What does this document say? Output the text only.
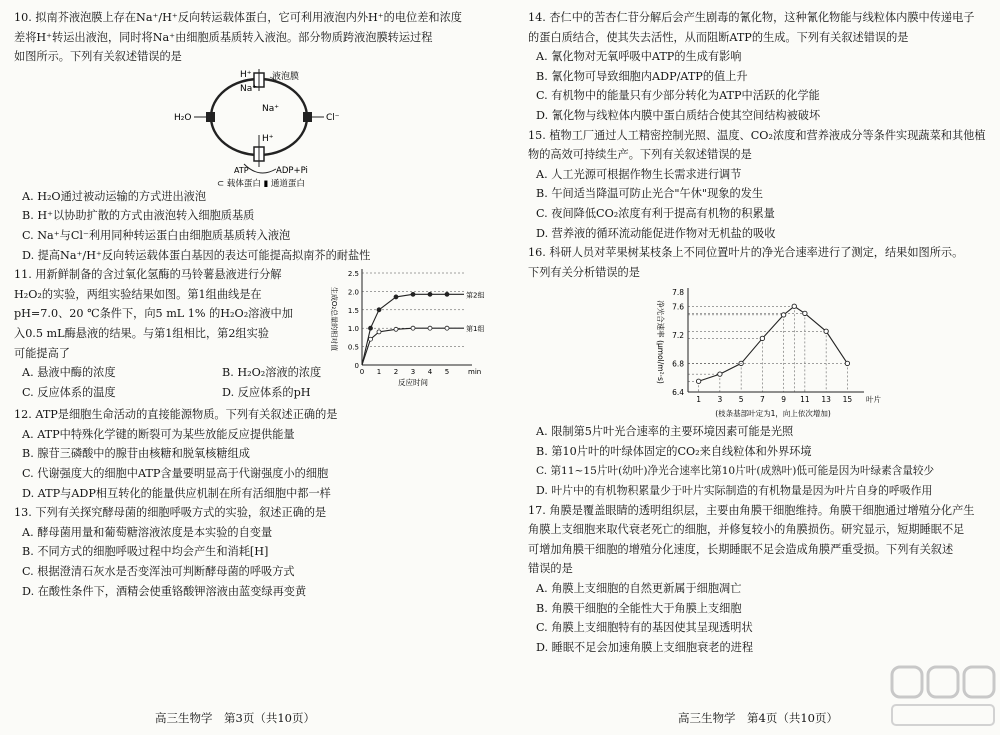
10. 拟南芥液泡膜上存在Na⁺/H⁺反向转运载体蛋白，它可利用液泡内外H⁺的电位差和浓度
差将H⁺转运出液泡，同时将Na⁺由细胞质基质转入液泡。部分物质跨液泡膜转运过程
如图所示。下列有关叙述错误的是
H⁺
Na⁺
液泡膜
Na⁺
H₂O	Cl⁻
H⁺
ATP	ADP+Pi
⊂ 载体蛋白 ▮ 通道蛋白
A. H₂O通过被动运输的方式进出液泡
B. H⁺以协助扩散的方式由液泡转入细胞质基质
C. Na⁺与Cl⁻利用同种转运蛋白由细胞质基质转入液泡
D. 提高Na⁺/H⁺反向转运载体蛋白基因的表达可能提高拟南芥的耐盐性
11. 用新鲜制备的含过氧化氢酶的马铃薯悬液进行分解
H₂O₂的实验，两组实验结果如图。第1组曲线是在
pH=7.0、20 ℃条件下，向5 mL 1% 的H₂O₂溶液中加
入0.5 mL酶悬液的结果。与第1组相比，第2组实验
可能提高了
0
0.5
1.0
1.5
2.0
2.5
0 1 2 3 4 5	min
反应时间
生成O₂总量的相对值	第2组
第1组
A. 悬液中酶的浓度	B. H₂O₂溶液的浓度
C. 反应体系的温度	D. 反应体系的pH
12. ATP是细胞生命活动的直接能源物质。下列有关叙述正确的是
A. ATP中特殊化学键的断裂可为某些放能反应提供能量
B. 腺苷三磷酸中的腺苷由核糖和脱氧核糖组成
C. 代谢强度大的细胞中ATP含量要明显高于代谢强度小的细胞
D. ATP与ADP相互转化的能量供应机制在所有活细胞中都一样
13. 下列有关探究酵母菌的细胞呼吸方式的实验，叙述正确的是
A. 酵母菌用量和葡萄糖溶液浓度是本实验的自变量
B. 不同方式的细胞呼吸过程中均会产生和消耗[H]
C. 根据澄清石灰水是否变浑浊可判断酵母菌的呼吸方式
D. 在酸性条件下，酒精会使重铬酸钾溶液由蓝变绿再变黄
14. 杏仁中的苦杏仁苷分解后会产生剧毒的氰化物，这种氰化物能与线粒体内膜中传递电子
的蛋白质结合，使其失去活性，从而阻断ATP的生成。下列有关叙述错误的是
A. 氰化物对无氧呼吸中ATP的生成有影响
B. 氰化物可导致细胞内ADP/ATP的值上升
C. 有机物中的能量只有少部分转化为ATP中活跃的化学能
D. 氰化物与线粒体内膜中蛋白质结合使其空间结构被破坏
15. 植物工厂通过人工精密控制光照、温度、CO₂浓度和营养液成分等条件实现蔬菜和其他植
物的高效可持续生产。下列有关叙述错误的是
A. 人工光源可根据作物生长需求进行调节
B. 午间适当降温可防止光合"午休"现象的发生
C. 夜间降低CO₂浓度有利于提高有机物的积累量
D. 营养液的循环流动能促进作物对无机盐的吸收
16. 科研人员对苹果树某枝条上不同位置叶片的净光合速率进行了测定，结果如图所示。
下列有关分析错误的是
6.4
6.8
7.2
7.6
7.8
1 3 5 7 9 11 13 15 叶片
净光合速率 (μmol/m²·s)
(枝条基部叶定为1，向上依次增加)
A. 限制第5片叶光合速率的主要环境因素可能是光照
B. 第10片叶的叶绿体固定的CO₂来自线粒体和外界环境
C. 第11~15片叶(幼叶)净光合速率比第10片叶(成熟叶)低可能是因为叶绿素含量较少
D. 叶片中的有机物积累量少于叶片实际制造的有机物量是因为叶片自身的呼吸作用
17. 角膜是覆盖眼睛的透明组织层，主要由角膜干细胞维持。角膜干细胞通过增殖分化产生
角膜上支细胞来取代衰老死亡的细胞，并修复较小的角膜损伤。研究显示，短期睡眠不足
可增加角膜干细胞的增殖分化速度，长期睡眠不足会造成角膜严重受损。下列有关叙述
错误的是
A. 角膜上支细胞的自然更新属于细胞凋亡
B. 角膜干细胞的全能性大于角膜上支细胞
C. 角膜上支细胞特有的基因使其呈现透明状
D. 睡眠不足会加速角膜上支细胞衰老的进程
高三生物学　第3页（共10页）	高三生物学　第4页（共10页）
